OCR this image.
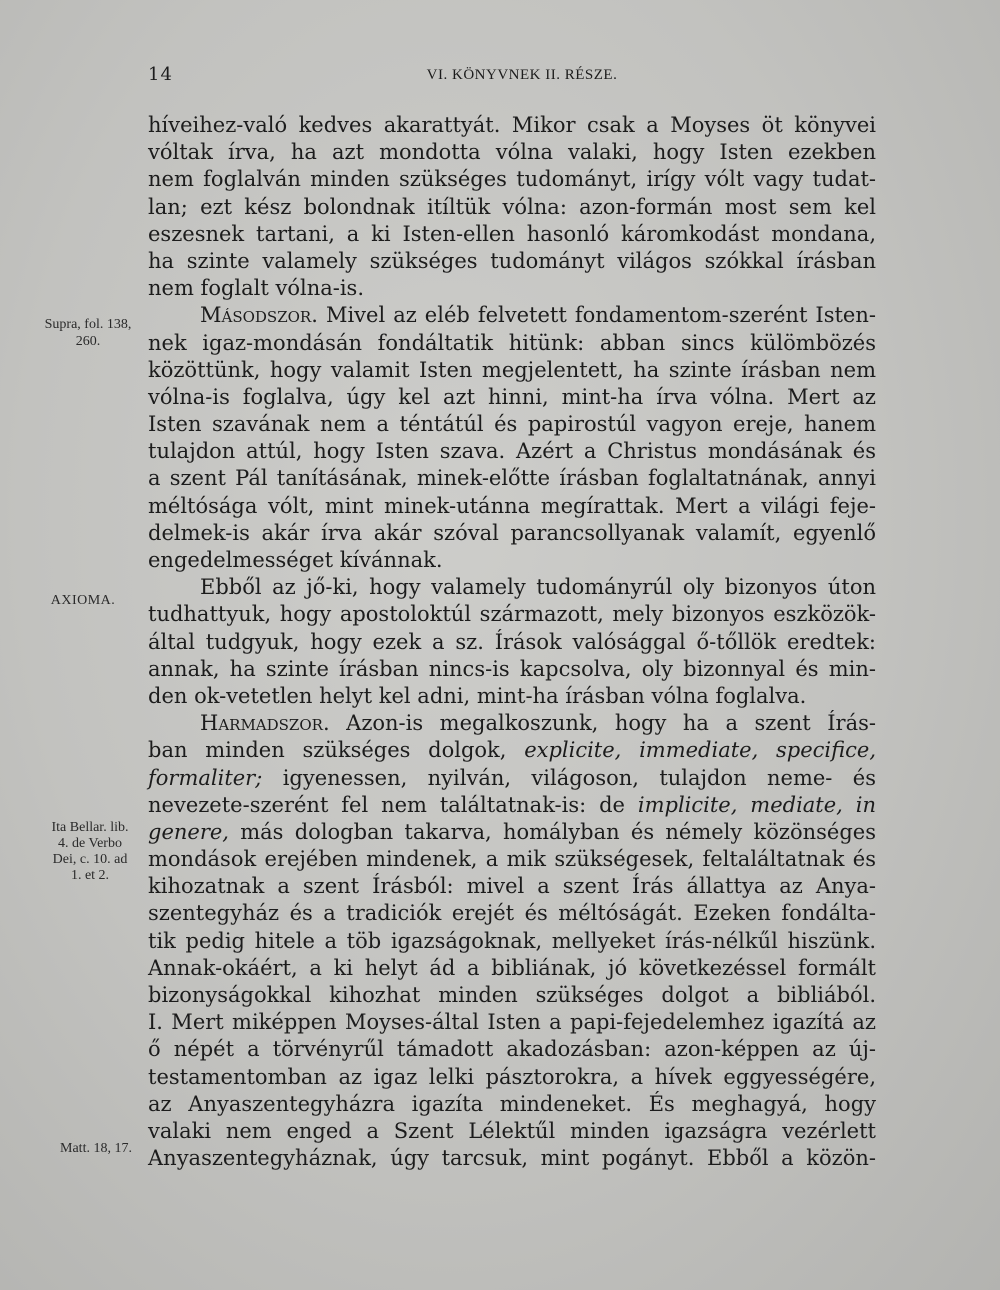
14	VI. KÖNYVNEK II. RÉSZE.
Supra, fol. 138,
260.
AXIOMA.
Ita Bellar. lib.
4. de Verbo
Dei, c. 10. ad
1. et 2.
Matt. 18, 17.
híveihez-való kedves akarattyát. Mikor csak a Moyses öt könyvei
vóltak írva, ha azt mondotta vólna valaki, hogy Isten ezekben
nem foglalván minden szükséges tudományt, irígy vólt vagy tudat-
lan; ezt kész bolondnak itíltük vólna: azon-formán most sem kel
eszesnek tartani, a ki Isten-ellen hasonló káromkodást mondana,
ha szinte valamely szükséges tudományt világos szókkal írásban
nem foglalt vólna-is.
Másodszor. Mivel az eléb felvetett fondamentom-szerént Isten-
nek igaz-mondásán fondáltatik hitünk: abban sincs külömbözés
közöttünk, hogy valamit Isten megjelentett, ha szinte írásban nem
vólna-is foglalva, úgy kel azt hinni, mint-ha írva vólna. Mert az
Isten szavának nem a téntátúl és papirostúl vagyon ereje, hanem
tulajdon attúl, hogy Isten szava. Azért a Christus mondásának és
a szent Pál tanításának, minek-előtte írásban foglaltatnának, annyi
méltósága vólt, mint minek-utánna megírattak. Mert a világi feje-
delmek-is akár írva akár szóval parancsollyanak valamít, egyenlő
engedelmességet kívánnak.
Ebből az jő-ki, hogy valamely tudományrúl oly bizonyos úton
tudhattyuk, hogy apostoloktúl származott, mely bizonyos eszközök-
által tudgyuk, hogy ezek a sz. Írások valósággal ő-tőllök eredtek:
annak, ha szinte írásban nincs-is kapcsolva, oly bizonnyal és min-
den ok-vetetlen helyt kel adni, mint-ha írásban vólna foglalva.
Harmadszor. Azon-is megalkoszunk, hogy ha a szent Írás-
ban minden szükséges dolgok, explicite, immediate, specifice,
formaliter; igyenessen, nyilván, világoson, tulajdon neme- és
nevezete-szerént fel nem találtatnak-is: de implicite, mediate, in
genere, más dologban takarva, homályban és némely közönséges
mondások erejében mindenek, a mik szükségesek, feltaláltatnak és
kihozatnak a szent Írásból: mivel a szent Írás állattya az Anya-
szentegyház és a tradiciók erejét és méltóságát. Ezeken fondálta-
tik pedig hitele a töb igazságoknak, mellyeket írás-nélkűl hiszünk.
Annak-okáért, a ki helyt ád a bibliának, jó következéssel formált
bizonyságokkal kihozhat minden szükséges dolgot a bibliából.
I. Mert miképpen Moyses-által Isten a papi-fejedelemhez igazítá az
ő népét a törvényrűl támadott akadozásban: azon-képpen az új-
testamentomban az igaz lelki pásztorokra, a hívek eggyességére,
az Anyaszentegyházra igazíta mindeneket. És meghagyá, hogy
valaki nem enged a Szent Lélektűl minden igazságra vezérlett
Anyaszentegyháznak, úgy tarcsuk, mint pogányt. Ebből a közön-
